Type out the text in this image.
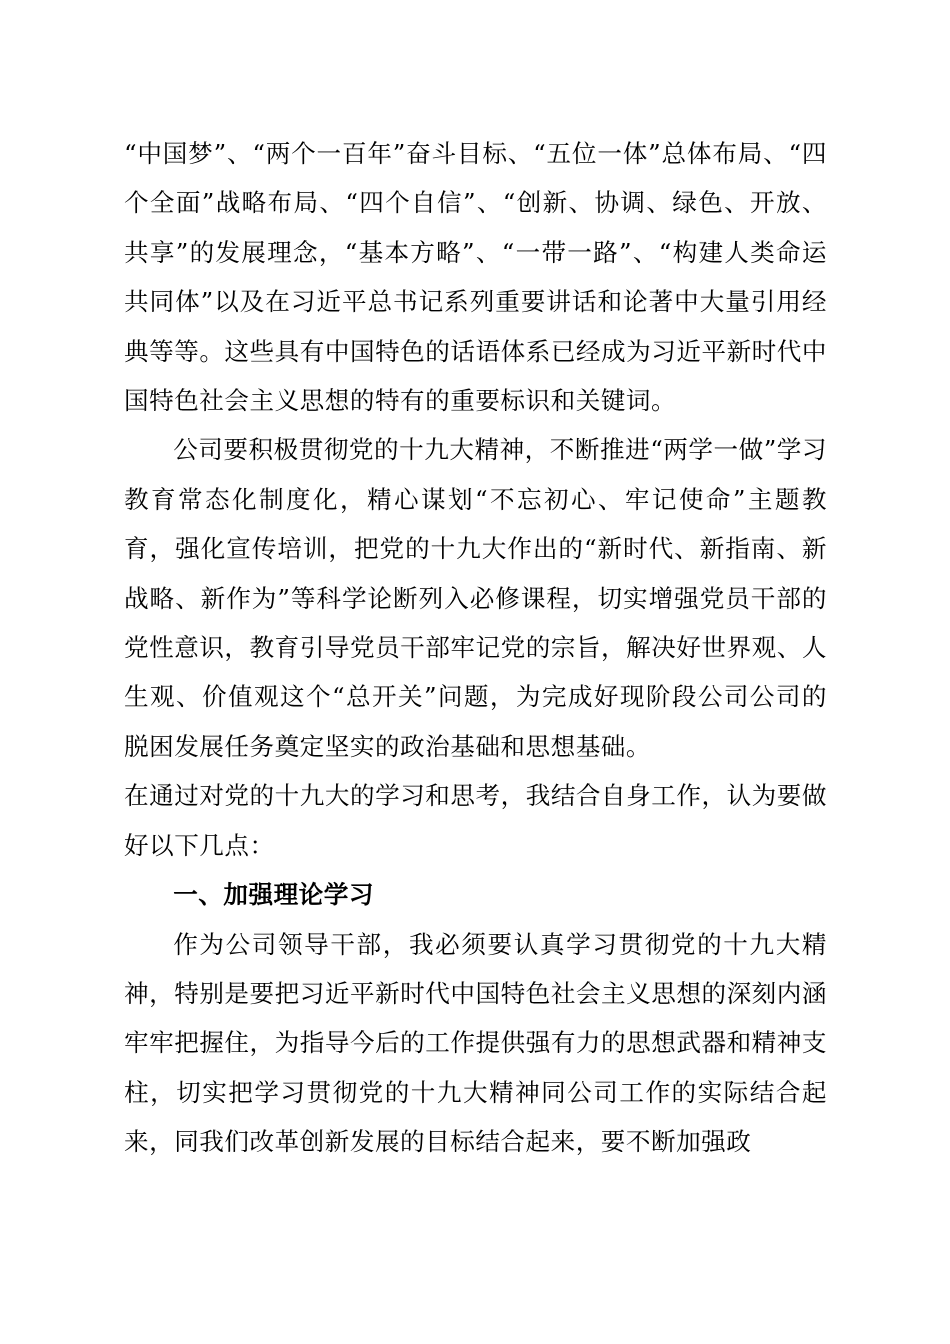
“中国梦”、“两个一百年”奋斗目标、“五位一体”总体布局、“四个全面”战略布局、“四个自信”、“创新、协调、绿色、开放、共享”的发展理念，“基本方略”、“一带一路”、“构建人类命运共同体”以及在习近平总书记系列重要讲话和论著中大量引用经典等等。这些具有中国特色的话语体系已经成为习近平新时代中国特色社会主义思想的特有的重要标识和关键词。

公司要积极贯彻党的十九大精神，不断推进“两学一做”学习教育常态化制度化，精心谋划“不忘初心、牢记使命”主题教育，强化宣传培训，把党的十九大作出的“新时代、新指南、新战略、新作为”等科学论断列入必修课程，切实增强党员干部的党性意识，教育引导党员干部牢记党的宗旨，解决好世界观、人生观、价值观这个“总开关”问题，为完成好现阶段公司公司的脱困发展任务奠定坚实的政治基础和思想基础。

在通过对党的十九大的学习和思考，我结合自身工作，认为要做好以下几点：

一、加强理论学习

作为公司领导干部，我必须要认真学习贯彻党的十九大精神，特别是要把习近平新时代中国特色社会主义思想的深刻内涵牢牢把握住，为指导今后的工作提供强有力的思想武器和精神支柱，切实把学习贯彻党的十九大精神同公司工作的实际结合起来，同我们改革创新发展的目标结合起来，要不断加强政
